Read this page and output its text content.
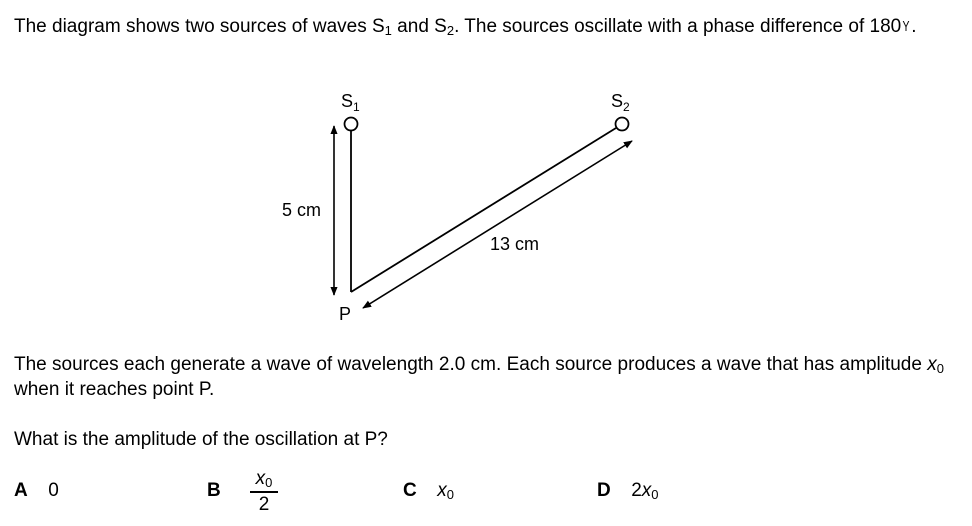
The diagram shows two sources of waves $S_1$ and $S_2$. The sources oscillate with a phase difference of 180 Y.
$S_1$	$S_2$
P
5 cm
13 cm
The sources each generate a wave of wavelength 2.0 cm. Each source produces a wave that has amplitude $x_0$ when it reaches point P.
What is the amplitude of the oscillation at P?
A 0	B
$x_0$
2
C $x_0$	D $2x_0$
